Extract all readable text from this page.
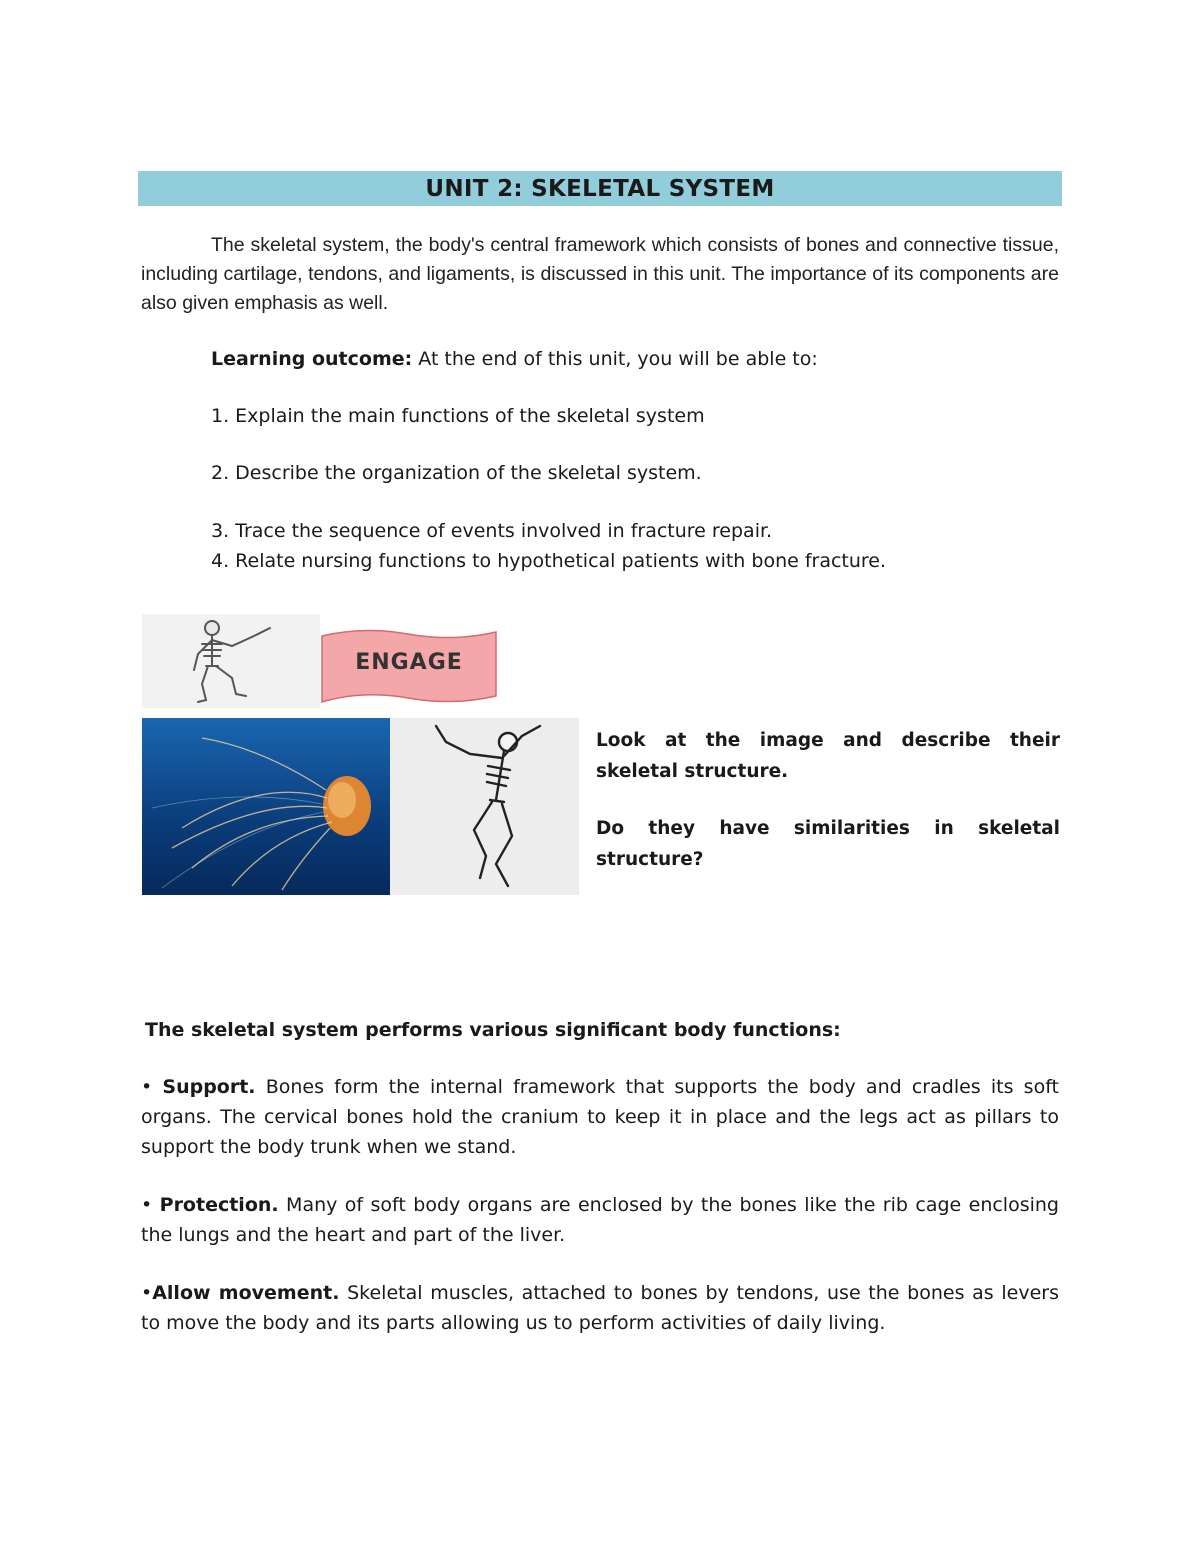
UNIT 2: SKELETAL SYSTEM

The skeletal system, the body's central framework which consists of bones and connective tissue, including cartilage, tendons, and ligaments, is discussed in this unit. The importance of its components are also given emphasis as well.

Learning outcome: At the end of this unit, you will be able to:
1. Explain the main functions of the skeletal system
2. Describe the organization of the skeletal system.
3. Trace the sequence of events involved in fracture repair.
4. Relate nursing functions to hypothetical patients with bone fracture.
ENGAGE

Look at the image and describe their skeletal structure.

Do they have similarities in skeletal structure?

The skeletal system performs various significant body functions:

• Support. Bones form the internal framework that supports the body and cradles its soft organs. The cervical bones hold the cranium to keep it in place and the legs act as pillars to support the body trunk when we stand.

• Protection. Many of soft body organs are enclosed by the bones like the rib cage enclosing the lungs and the heart and part of the liver.

•Allow movement. Skeletal muscles, attached to bones by tendons, use the bones as levers to move the body and its parts allowing us to perform activities of daily living.
